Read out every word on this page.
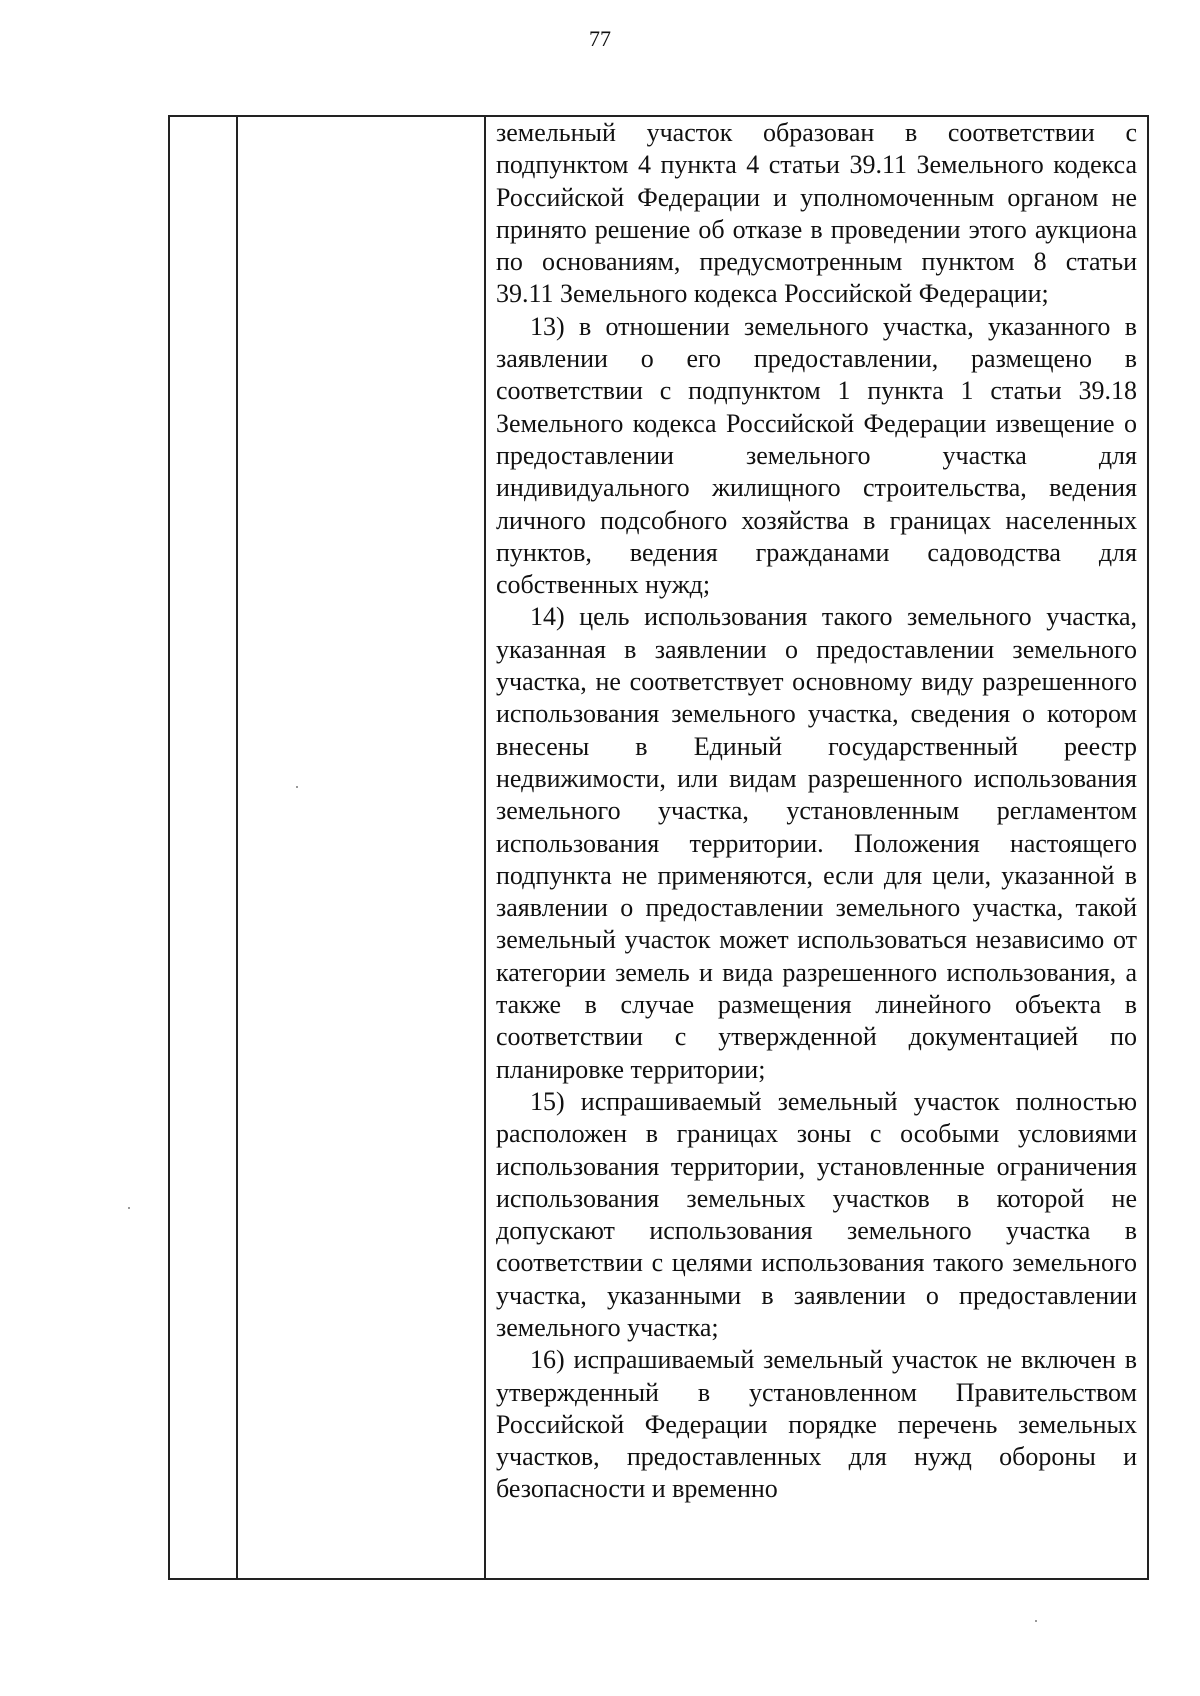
77

земельный участок образован в соответствии с подпунктом 4 пункта 4 статьи 39.11 Земельного кодекса Российской Федерации и уполномоченным органом не принято решение об отказе в проведении этого аукциона по основаниям, предусмотренным пунктом 8 статьи 39.11 Земельного кодекса Российской Федерации;

13) в отношении земельного участка, указанного в заявлении о его предоставлении, размещено в соответствии с подпунктом 1 пункта 1 статьи 39.18 Земельного кодекса Российской Федерации извещение о предоставлении земельного участка для индивидуального жилищного строительства, ведения личного подсобного хозяйства в границах населенных пунктов, ведения гражданами садоводства для собственных нужд;

14) цель использования такого земельного участка, указанная в заявлении о предоставлении земельного участка, не соответствует основному виду разрешенного использования земельного участка, сведения о котором внесены в Единый государственный реестр недвижимости, или видам разрешенного использования земельного участка, установленным регламентом использования территории. Положения настоящего подпункта не применяются, если для цели, указанной в заявлении о предоставлении земельного участка, такой земельный участок может использоваться независимо от категории земель и вида разрешенного использования, а также в случае размещения линейного объекта в соответствии с утвержденной документацией по планировке территории;

15) испрашиваемый земельный участок полностью расположен в границах зоны с особыми условиями использования территории, установленные ограничения использования земельных участков в которой не допускают использования земельного участка в соответствии с целями использования такого земельного участка, указанными в заявлении о предоставлении земельного участка;

16) испрашиваемый земельный участок не включен в утвержденный в установленном Правительством Российской Федерации порядке перечень земельных участков, предоставленных для нужд обороны и безопасности и временно
